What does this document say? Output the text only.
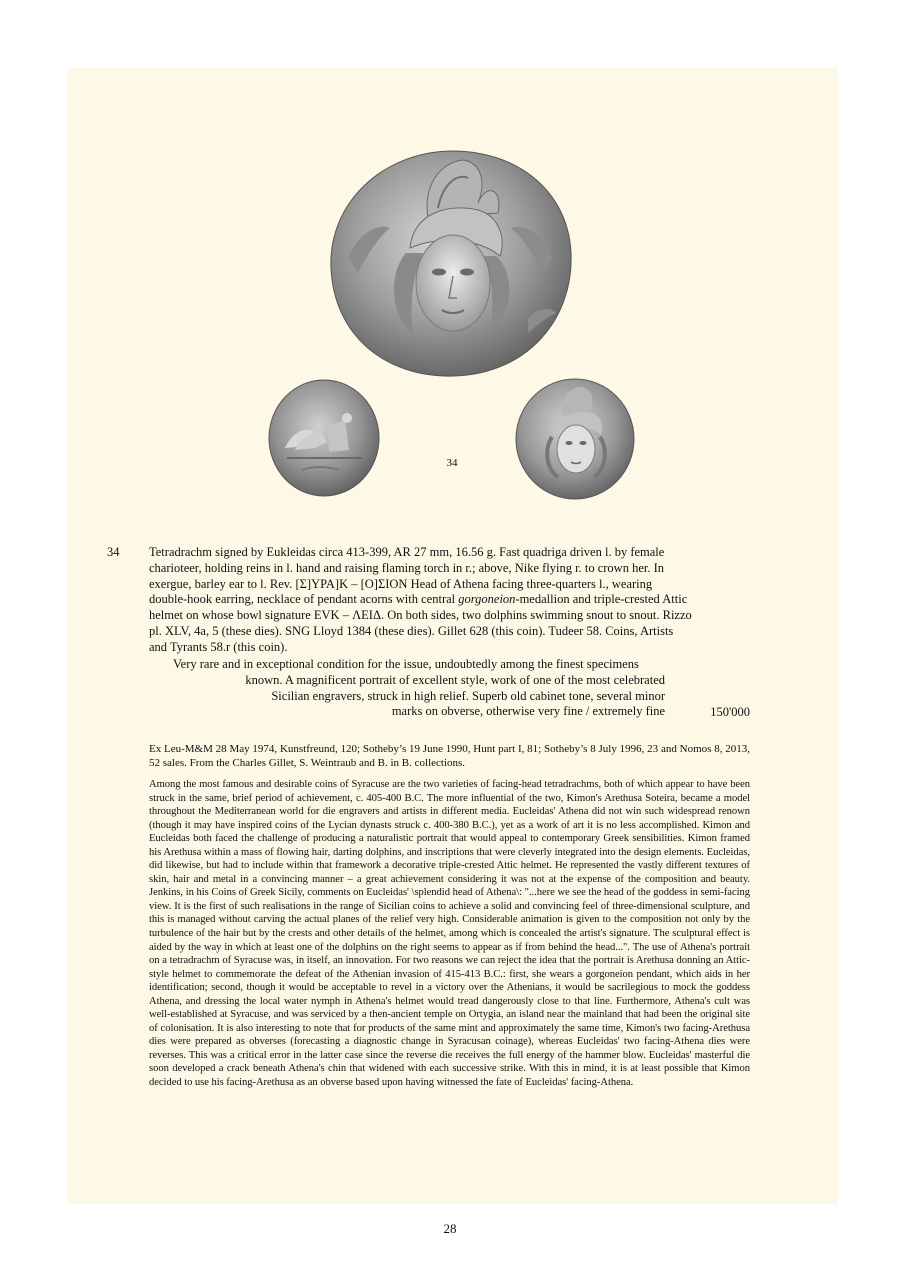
34
34 Tetradrachm signed by Eukleidas circa 413-399, AR 27 mm, 16.56 g. Fast quadriga driven l. by female
charioteer, holding reins in l. hand and raising flaming torch in r.; above, Nike flying r. to crown her. In
exergue, barley ear to l. Rev. [Σ]YPA]K – [O]ΣION Head of Athena facing three-quarters l., wearing
double-hook earring, necklace of pendant acorns with central gorgoneion-medallion and triple-crested Attic
helmet on whose bowl signature EVK – ΛEIΔ. On both sides, two dolphins swimming snout to snout. Rizzo
pl. XLV, 4a, 5 (these dies). SNG Lloyd 1384 (these dies). Gillet 628 (this coin). Tudeer 58. Coins, Artists
and Tyrants 58.r (this coin).
Very rare and in exceptional condition for the issue, undoubtedly among the finest specimens
known. A magnificent portrait of excellent style, work of one of the most celebrated
Sicilian engravers, struck in high relief. Superb old cabinet tone, several minor
marks on obverse, otherwise very fine / extremely fine	150'000
Ex Leu-M&M 28 May 1974, Kunstfreund, 120; Sotheby’s 19 June 1990, Hunt part I, 81; Sotheby’s 8 July 1996, 23 and Nomos 8, 2013, 52 sales. From the Charles Gillet, S. Weintraub and B. in B. collections.
Among the most famous and desirable coins of Syracuse are the two varieties of facing-head tetradrachms, both of which appear to have been struck in the same, brief period of achievement, c. 405-400 B.C. The more influential of the two, Kimon's Arethusa Soteira, became a model throughout the Mediterranean world for die engravers and artists in different media. Eucleidas' Athena did not win such widespread renown (though it may have inspired coins of the Lycian dynasts struck c. 400-380 B.C.), yet as a work of art it is no less accomplished. Kimon and Eucleidas both faced the challenge of producing a naturalistic portrait that would appeal to contemporary Greek sensibilities. Kimon framed his Arethusa within a mass of flowing hair, darting dolphins, and inscriptions that were cleverly integrated into the design elements. Eucleidas, did likewise, but had to include within that framework a decorative triple-crested Attic helmet. He represented the vastly different textures of skin, hair and metal in a convincing manner – a great achievement considering it was not at the expense of the composition and beauty. Jenkins, in his Coins of Greek Sicily, comments on Eucleidas' \splendid head of Athena\: "...here we see the head of the goddess in semi-facing view. It is the first of such realisations in the range of Sicilian coins to achieve a solid and convincing feel of three-dimensional sculpture, and this is managed without carving the actual planes of the relief very high. Considerable animation is given to the composition not only by the turbulence of the hair but by the crests and other details of the helmet, among which is concealed the artist's signature. The sculptural effect is aided by the way in which at least one of the dolphins on the right seems to appear as if from behind the head...". The use of Athena's portrait on a tetradrachm of Syracuse was, in itself, an innovation. For two reasons we can reject the idea that the portrait is Arethusa donning an Attic-style helmet to commemorate the defeat of the Athenian invasion of 415-413 B.C.: first, she wears a gorgoneion pendant, which aids in her identification; second, though it would be acceptable to revel in a victory over the Athenians, it would be sacrilegious to mock the goddess Athena, and dressing the local water nymph in Athena's helmet would tread dangerously close to that line. Furthermore, Athena's cult was well-established at Syracuse, and was serviced by a then-ancient temple on Ortygia, an island near the mainland that had been the original site of colonisation. It is also interesting to note that for products of the same mint and approximately the same time, Kimon's two facing-Arethusa dies were prepared as obverses (forecasting a diagnostic change in Syracusan coinage), whereas Eucleidas' two facing-Athena dies were reverses. This was a critical error in the latter case since the reverse die receives the full energy of the hammer blow. Eucleidas' masterful die soon developed a crack beneath Athena's chin that widened with each successive strike. With this in mind, it is at least possible that Kimon decided to use his facing-Arethusa as an obverse based upon having witnessed the fate of Eucleidas' facing-Athena.
28
